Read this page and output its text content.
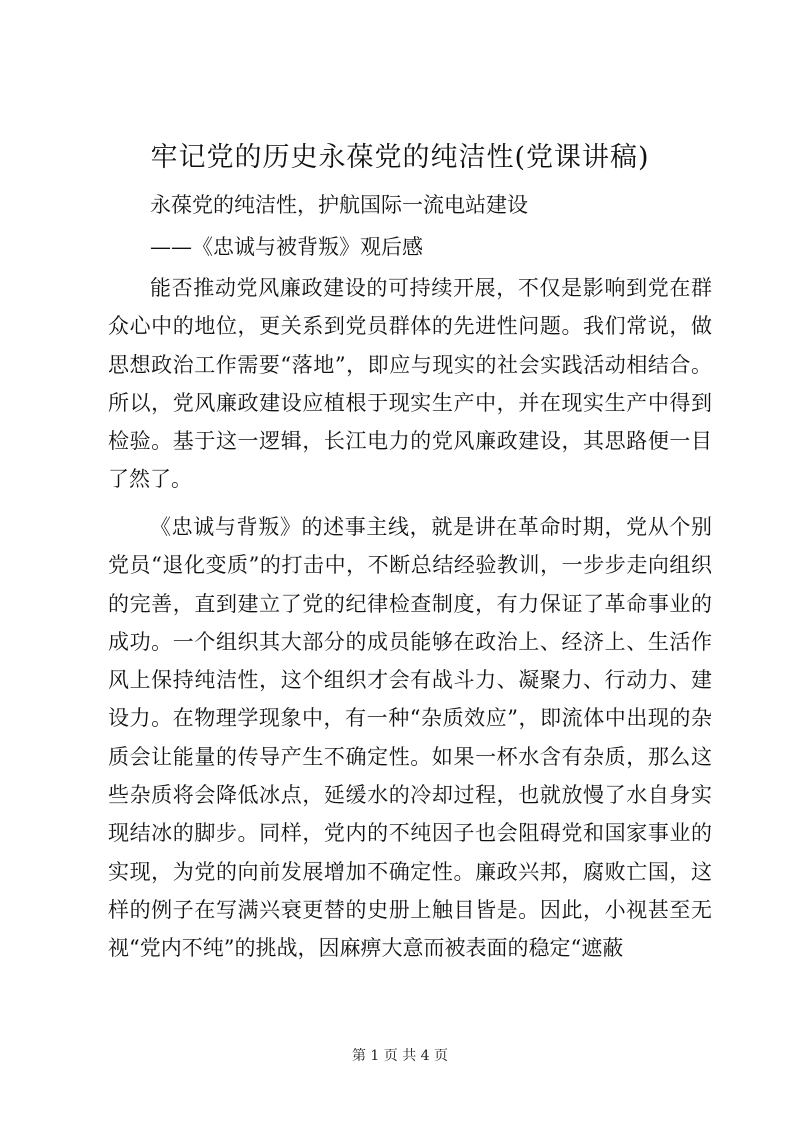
牢记党的历史永葆党的纯洁性(党课讲稿)

永葆党的纯洁性，护航国际一流电站建设

——《忠诚与被背叛》观后感

能否推动党风廉政建设的可持续开展，不仅是影响到党在群众心中的地位，更关系到党员群体的先进性问题。我们常说，做思想政治工作需要“落地”，即应与现实的社会实践活动相结合。所以，党风廉政建设应植根于现实生产中，并在现实生产中得到检验。基于这一逻辑，长江电力的党风廉政建设，其思路便一目了然了。

《忠诚与背叛》的述事主线，就是讲在革命时期，党从个别党员“退化变质”的打击中，不断总结经验教训，一步步走向组织的完善，直到建立了党的纪律检查制度，有力保证了革命事业的成功。一个组织其大部分的成员能够在政治上、经济上、生活作风上保持纯洁性，这个组织才会有战斗力、凝聚力、行动力、建设力。在物理学现象中，有一种“杂质效应”，即流体中出现的杂质会让能量的传导产生不确定性。如果一杯水含有杂质，那么这些杂质将会降低冰点，延缓水的冷却过程，也就放慢了水自身实现结冰的脚步。同样，党内的不纯因子也会阻碍党和国家事业的实现，为党的向前发展增加不确定性。廉政兴邦，腐败亡国，这样的例子在写满兴衰更替的史册上触目皆是。因此，小视甚至无视“党内不纯”的挑战，因麻痹大意而被表面的稳定“遮蔽

第 1 页 共 4 页
